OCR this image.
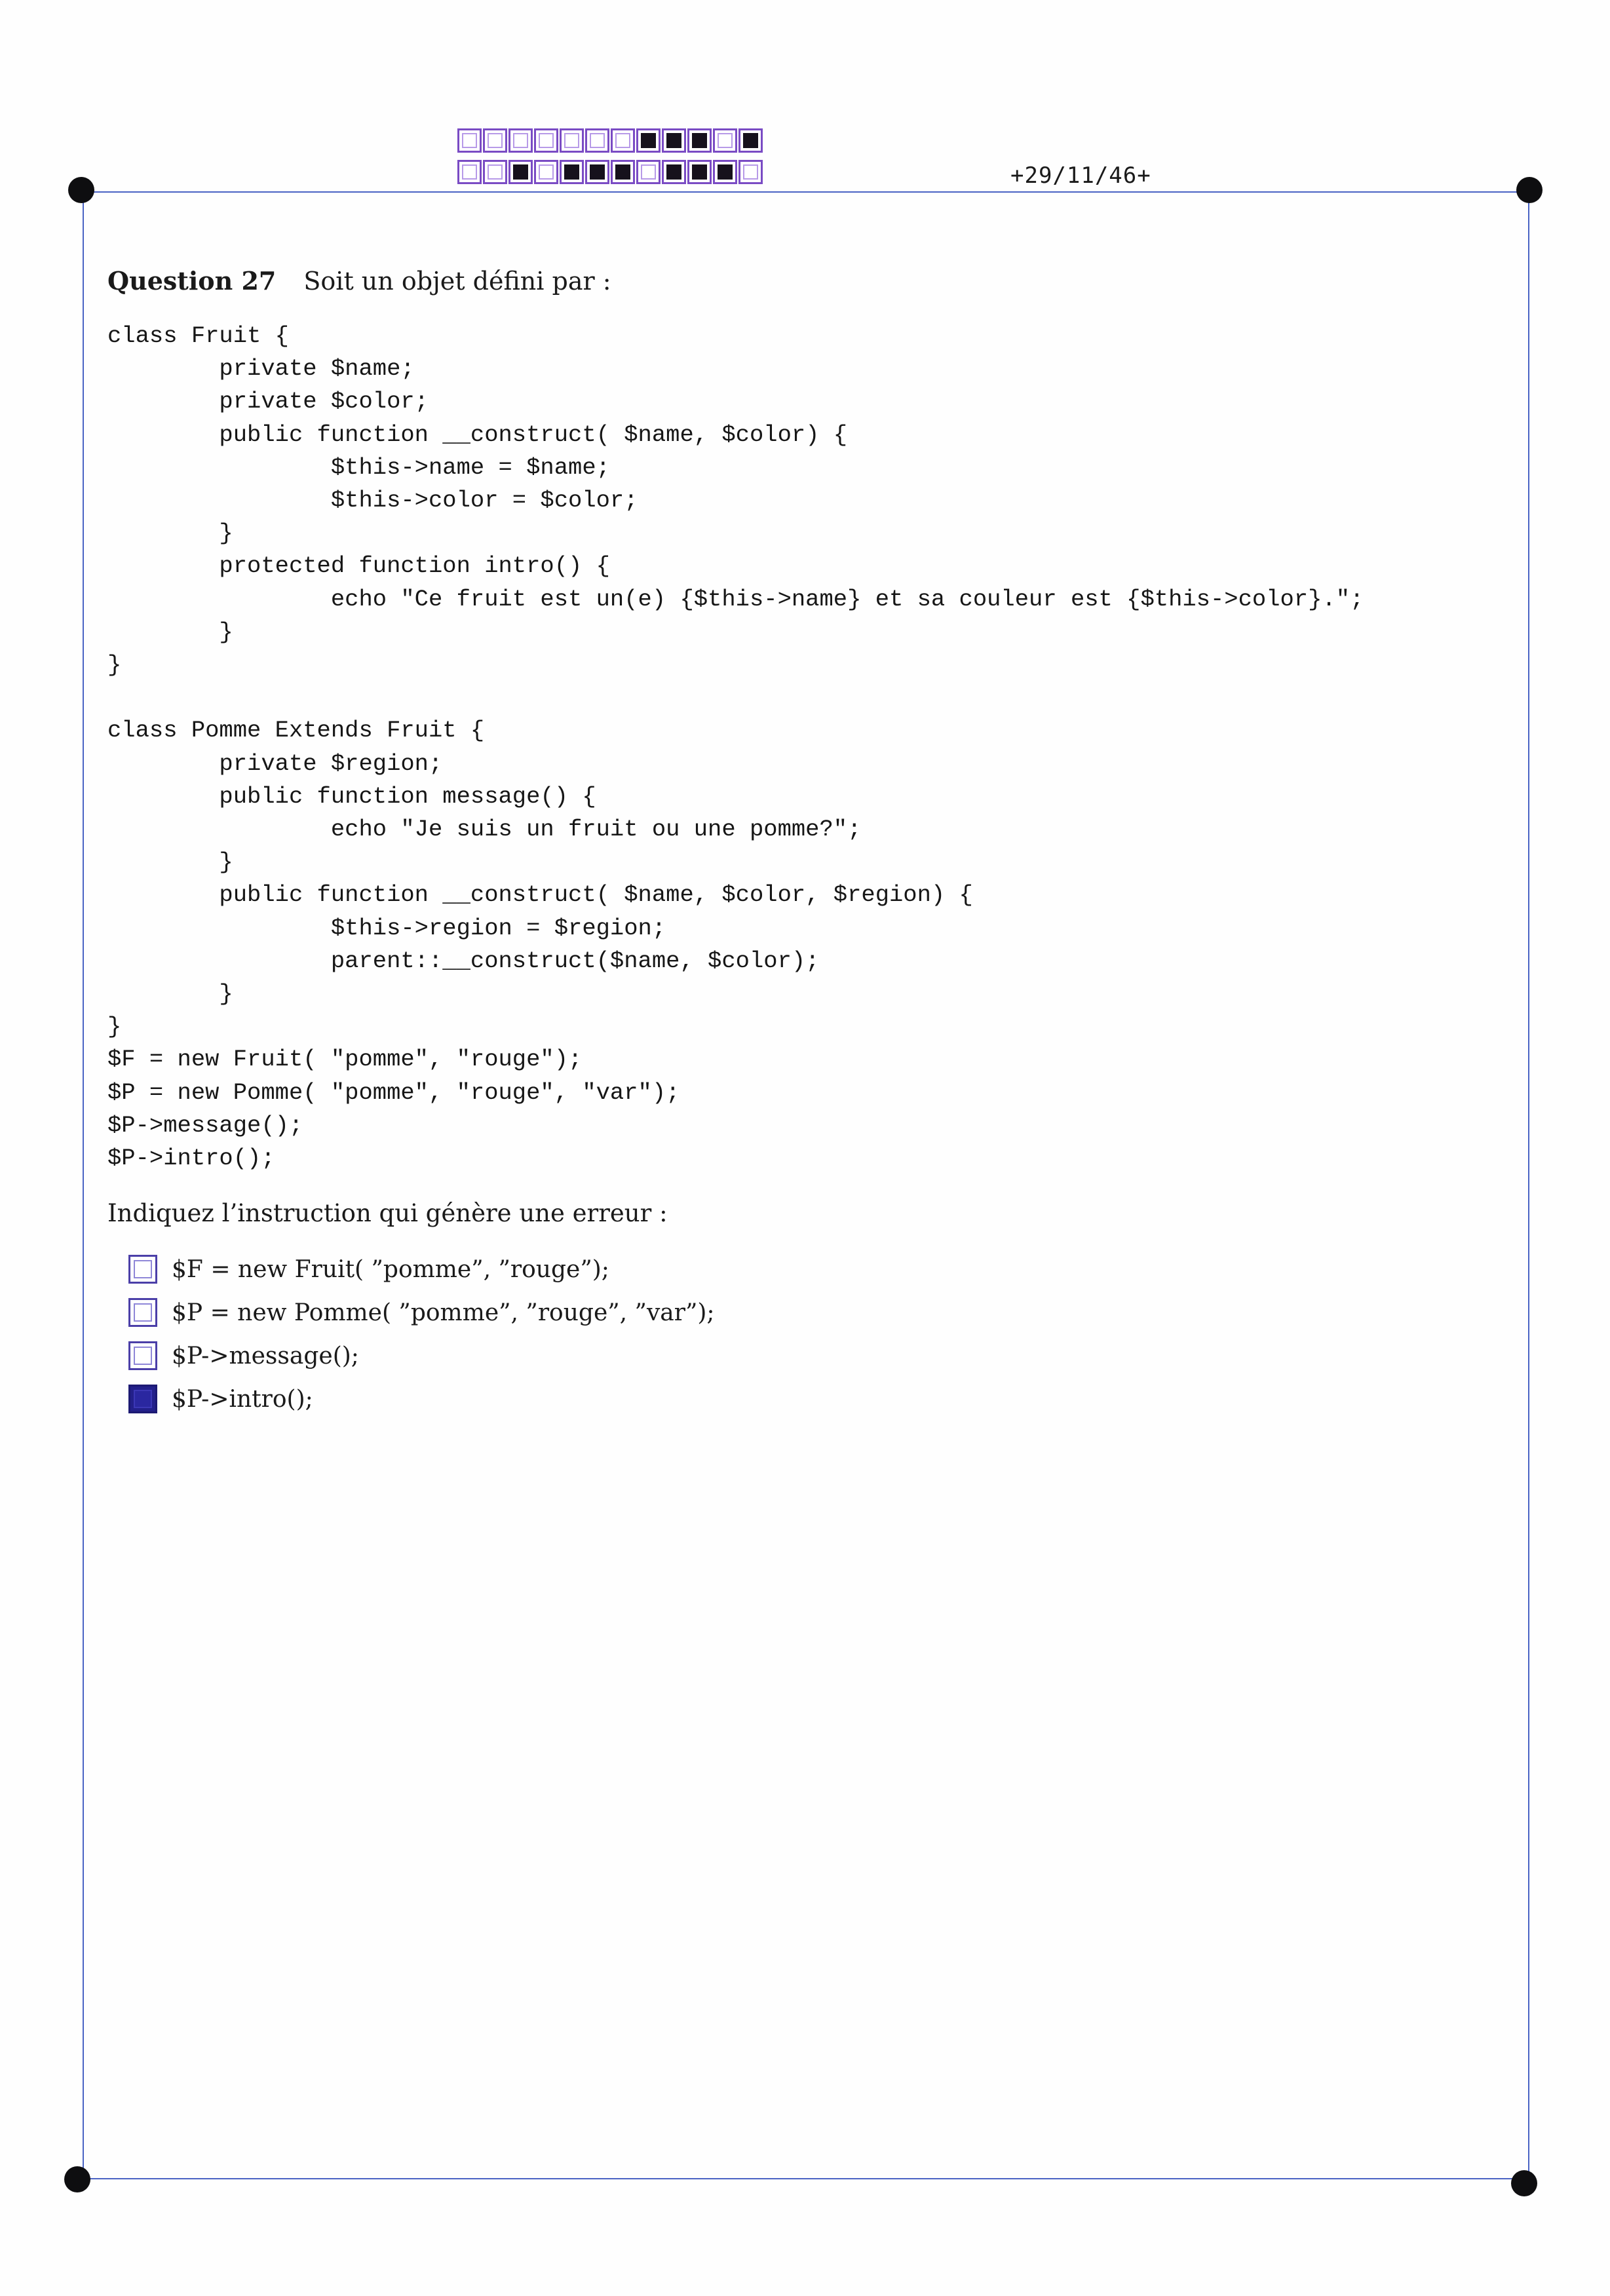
+29/11/46+
Question 27 Soit un objet défini par :
class Fruit {
private $name;
private $color;
public function __construct( $name, $color) {
$this->name = $name;
$this->color = $color;
}
protected function intro() {
echo "Ce fruit est un(e) {$this->name} et sa couleur est {$this->color}.";
}
}

class Pomme Extends Fruit {
private $region;
public function message() {
echo "Je suis un fruit ou une pomme?";
}
public function __construct( $name, $color, $region) {
$this->region = $region;
parent::__construct($name, $color);
}
}
$F = new Fruit( "pomme", "rouge");
$P = new Pomme( "pomme", "rouge", "var");
$P->message();
$P->intro();
Indiquez l’instruction qui génère une erreur :
$F = new Fruit( ”pomme”, ”rouge”);
$P = new Pomme( ”pomme”, ”rouge”, ”var”);
$P->message();
$P->intro();
